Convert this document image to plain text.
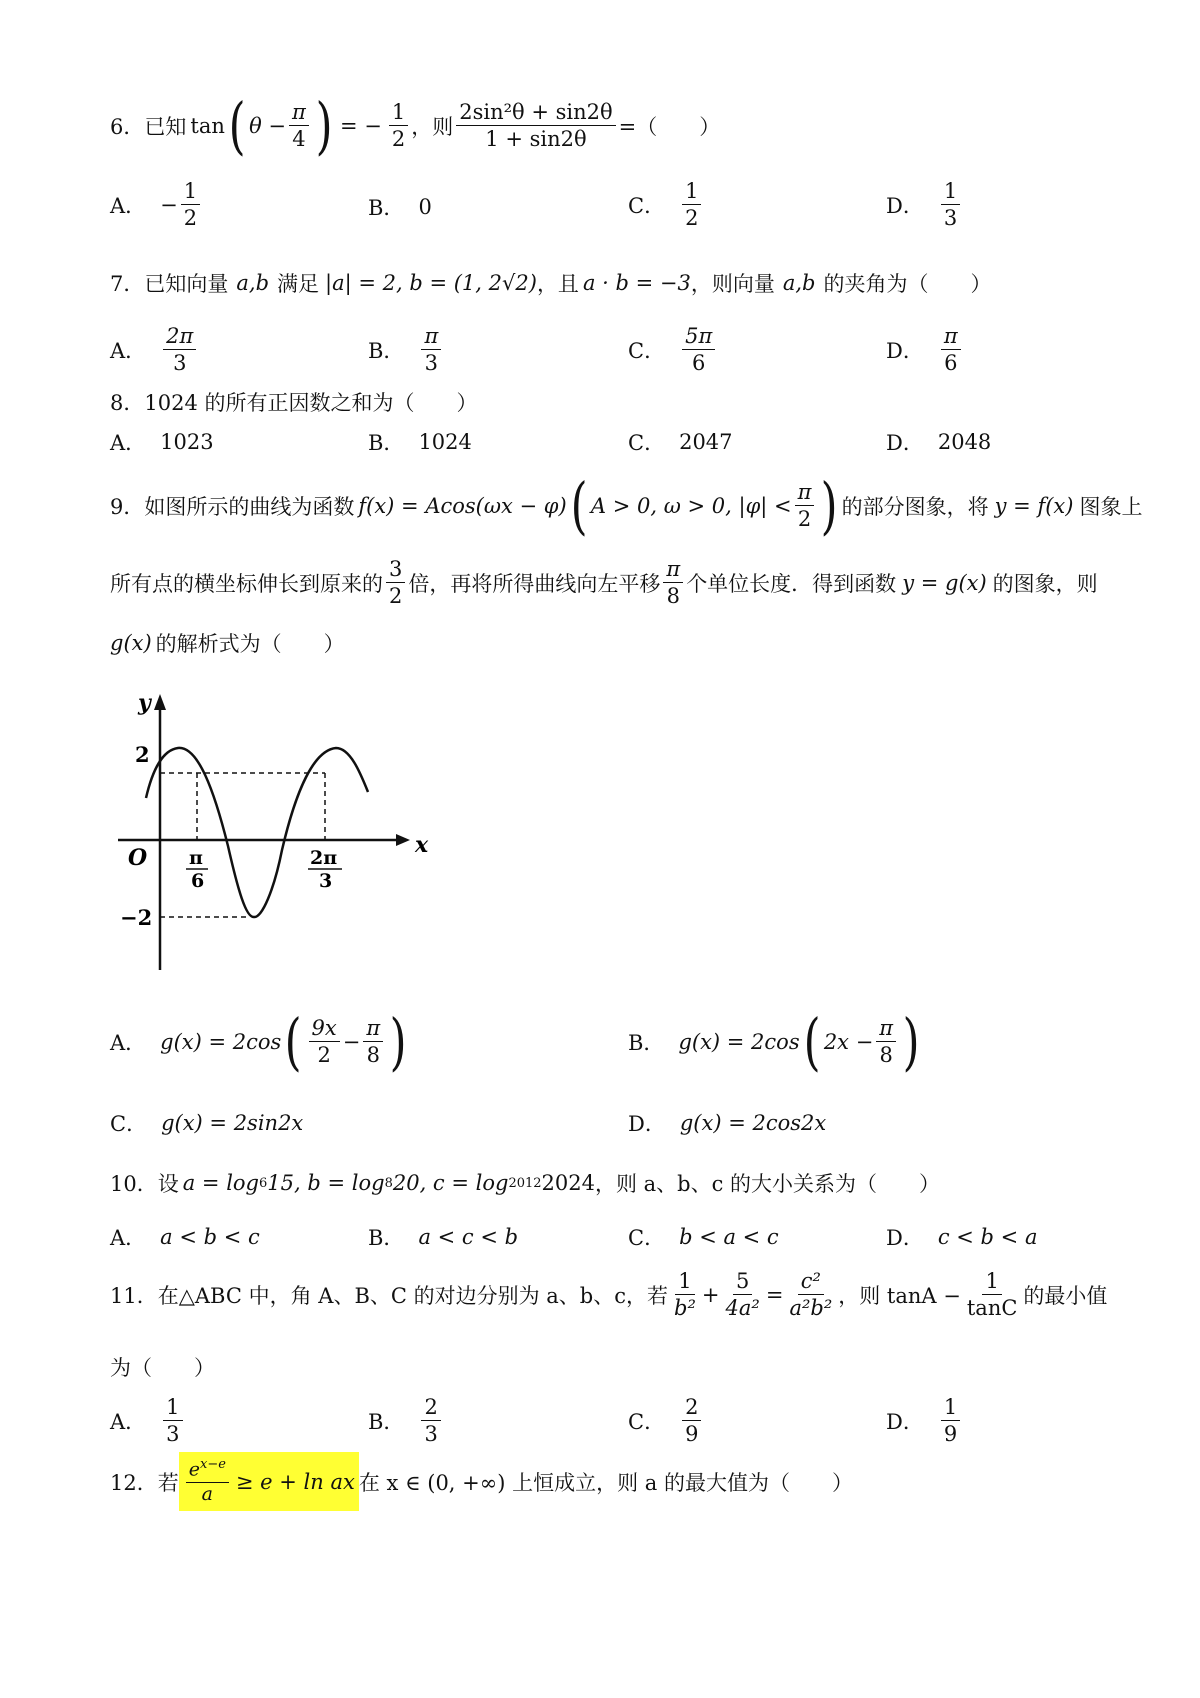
6． 已知 tan ( $\theta - \frac{\pi}{4}$ ) = − $\frac{1}{2}$ ，则 $\frac{\text{2sin²θ + sin2θ}}{1 + \sin 2\theta}$ =（　　）
A． − $\frac{1}{2}$	B． 0	C． $\frac{1}{2}$	D． $\frac{1}{3}$
7． 已知向量 a,b 满足 |a| = 2, b = (1, 2√2) ，且 a · b = −3 ，则向量 a,b 的夹角为（　　）
A． $\frac{2\pi}{3}$	B． $\frac{\pi}{3}$	C． $\frac{5\pi}{6}$	D． $\frac{\pi}{6}$
8．1024 的所有正因数之和为（　　）
A． 1023	B． 1024	C． 2047	D． 2048
9．如图所示的曲线为函数 f(x) = Acos(ωx − φ) ( A > 0, ω > 0, $|\varphi| < \frac{\pi}{2}$ ) 的部分图象，将 y = f(x) 图象上
所有点的横坐标伸长到原来的 $\frac{3}{2}$ 倍，再将所得曲线向左平移 $\frac{\pi}{8}$ 个单位长度．得到函数 y = g(x) 的图象，则
g(x) 的解析式为（　　）
y
x
O
2
−2
π
6
2π
3
A． g(x) = 2cos ( $\frac{9x}{2} - \frac{\pi}{8}$ )	B． g(x) = 2cos ( $2x - \frac{\pi}{8}$ )
C． g(x) = 2sin2x	D． g(x) = 2cos2x
10．设 a = log 6 15, b = log 8 20, c = log 2012 2024 ，则 a、b、c 的大小关系为（　　）
A． a < b < c	B． a < c < b	C． b < a < c	D． c < b < a
11．在△ABC 中，角 A、B、C 的对边分别为 a、b、c，若 $\frac{1}{\text{b²}} + \frac{5}{\text{4a²}} = \frac{\text{c²}}{\text{a²b²}}$ ，则 $\tan A - \frac{1}{\tan C}$ 的最小值
为（　　）
A． $\frac{1}{3}$	B． $\frac{2}{3}$	C． $\frac{2}{9}$	D． $\frac{1}{9}$
12．若 $\frac{e^{x-e}}{a} \ge e + \ln$ ax 在 x ∈ (0, +∞) 上恒成立，则 a 的最大值为（　　）
